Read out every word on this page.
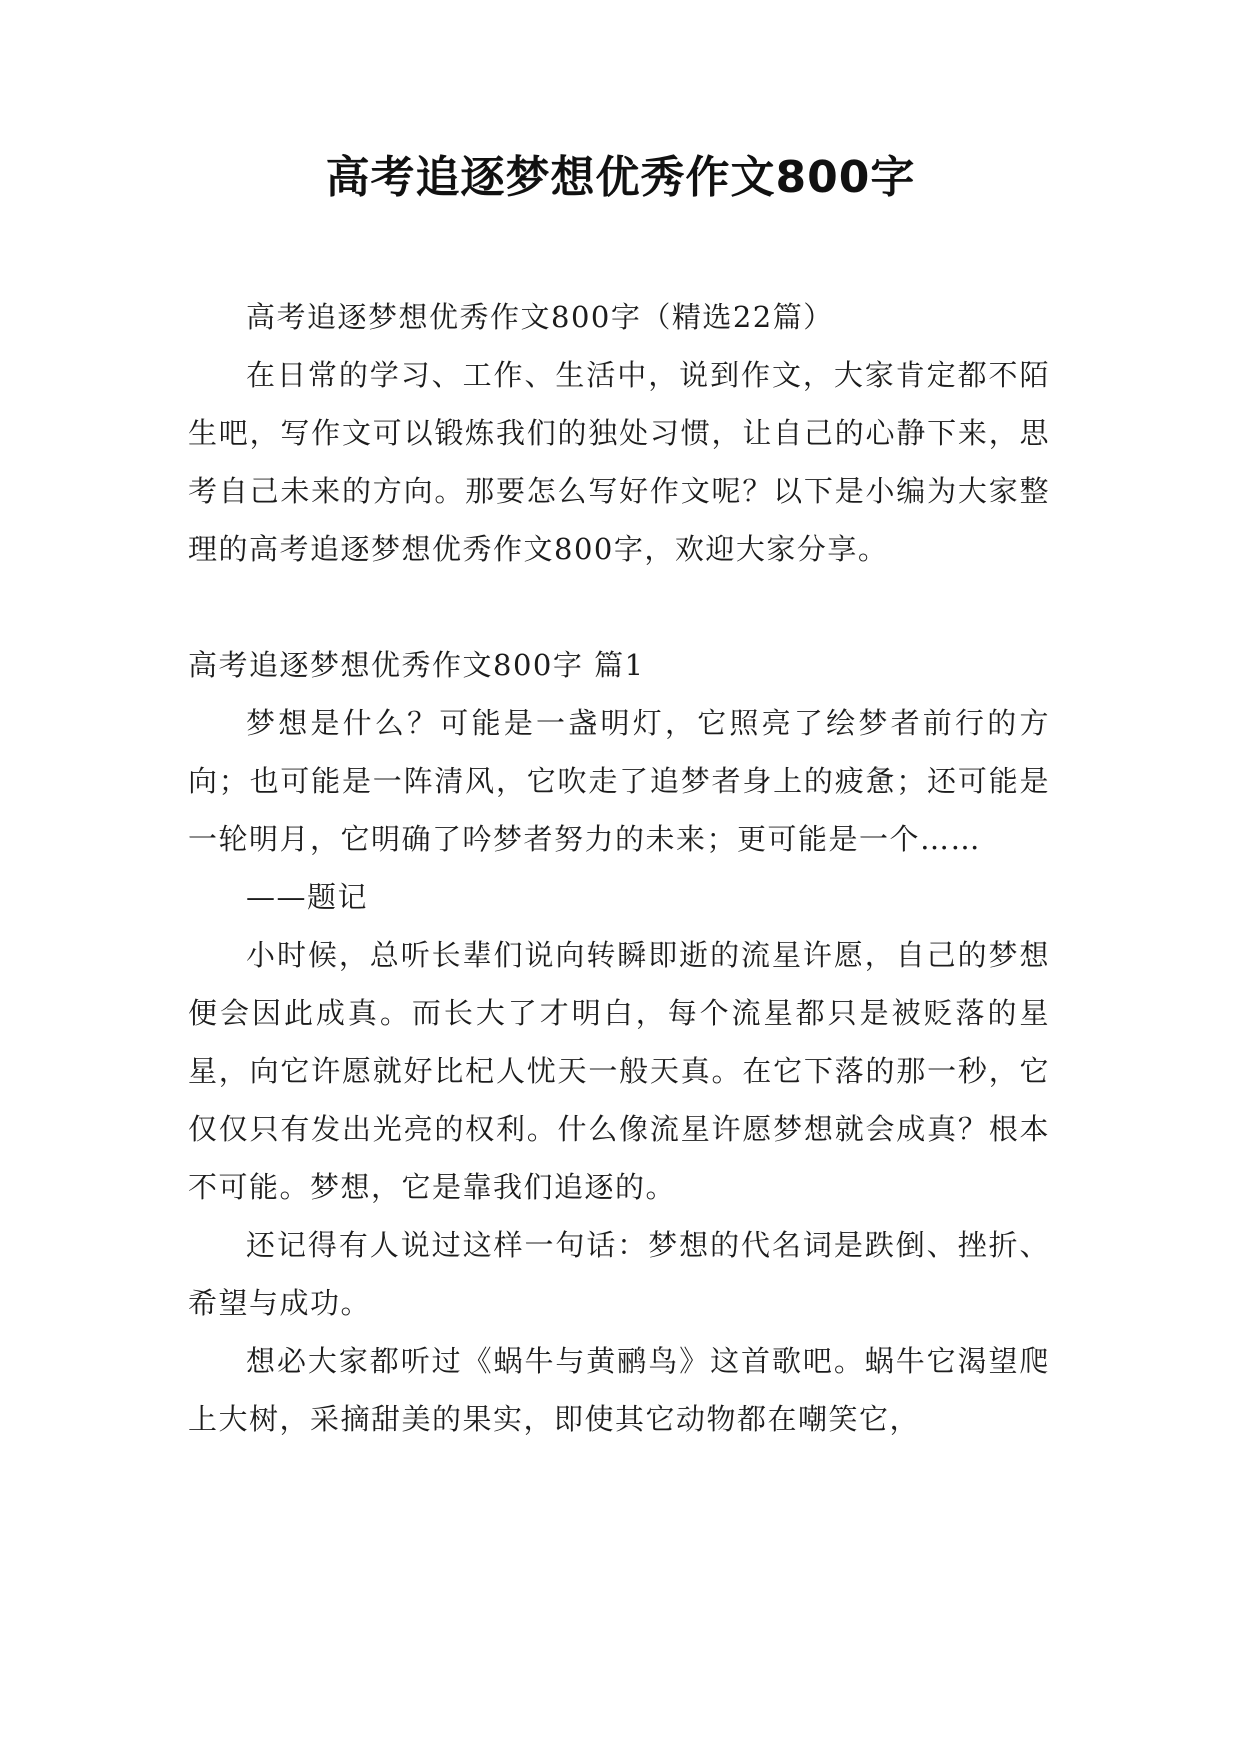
高考追逐梦想优秀作文800字

高考追逐梦想优秀作文800字（精选22篇）

在日常的学习、工作、生活中，说到作文，大家肯定都不陌生吧，写作文可以锻炼我们的独处习惯，让自己的心静下来，思考自己未来的方向。那要怎么写好作文呢？以下是小编为大家整理的高考追逐梦想优秀作文800字，欢迎大家分享。

高考追逐梦想优秀作文800字 篇1

梦想是什么？可能是一盏明灯，它照亮了绘梦者前行的方向；也可能是一阵清风，它吹走了追梦者身上的疲惫；还可能是一轮明月，它明确了吟梦者努力的未来；更可能是一个……

——题记

小时候，总听长辈们说向转瞬即逝的流星许愿，自己的梦想便会因此成真。而长大了才明白，每个流星都只是被贬落的星星，向它许愿就好比杞人忧天一般天真。在它下落的那一秒，它仅仅只有发出光亮的权利。什么像流星许愿梦想就会成真？根本不可能。梦想，它是靠我们追逐的。

还记得有人说过这样一句话：梦想的代名词是跌倒、挫折、希望与成功。

想必大家都听过《蜗牛与黄鹂鸟》这首歌吧。蜗牛它渴望爬上大树，采摘甜美的果实，即使其它动物都在嘲笑它，
